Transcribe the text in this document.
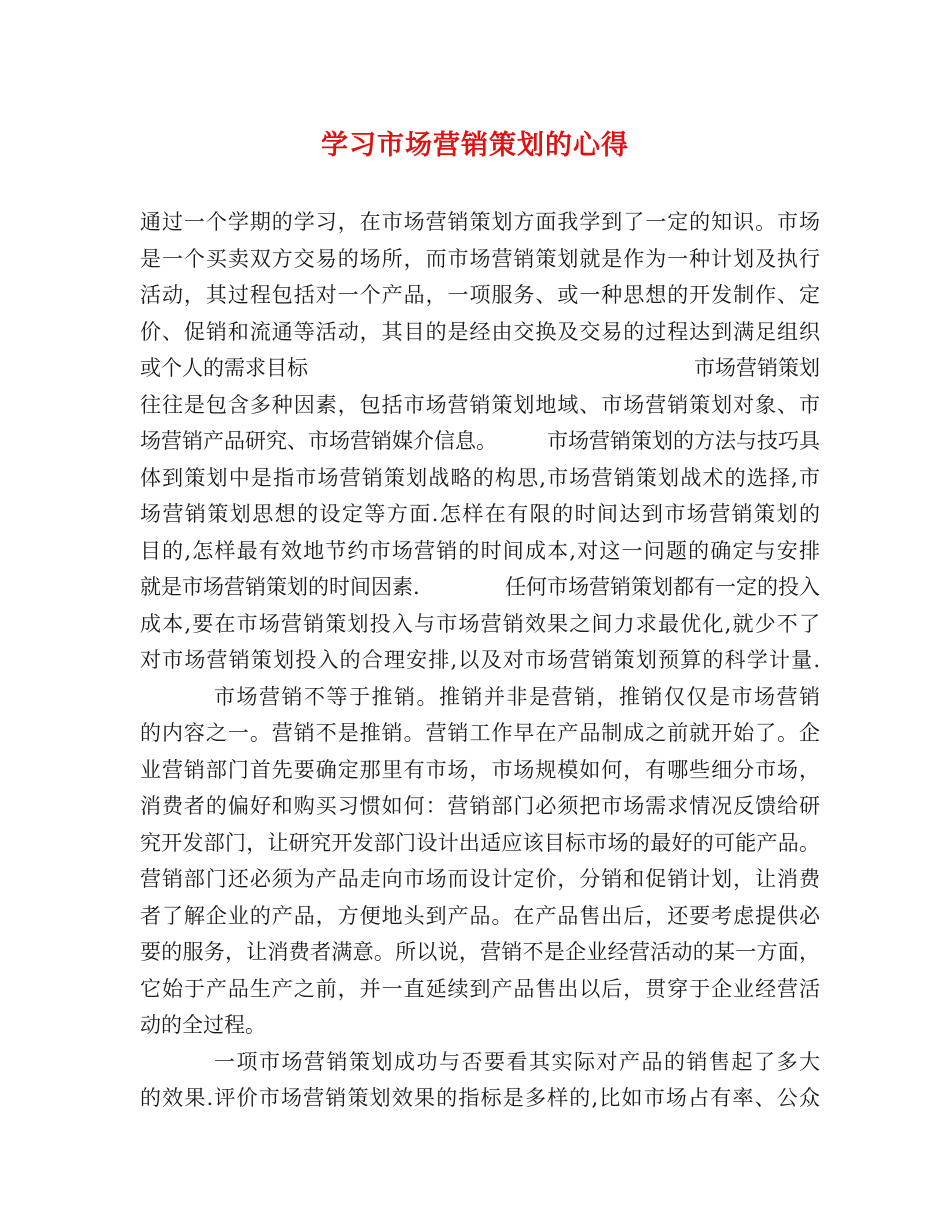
学习市场营销策划的心得
通过一个学期的学习，在市场营销策划方面我学到了一定的知识。市场
是一个买卖双方交易的场所，而市场营销策划就是作为一种计划及执行
活动，其过程包括对一个产品，一项服务、或一种思想的开发制作、定
价、促销和流通等活动，其目的是经由交换及交易的过程达到满足组织
或个人的需求目标	市场营销策划
往往是包含多种因素，包括市场营销策划地域、市场营销策划对象、市
场营销产品研究、市场营销媒介信息。 市场营销策划的方法与技巧具
体到策划中是指市场营销策划战略的构思,市场营销策划战术的选择,市
场营销策划思想的设定等方面.怎样在有限的时间达到市场营销策划的
目的,怎样最有效地节约市场营销的时间成本,对这一问题的确定与安排
就是市场营销策划的时间因素.	任何市场营销策划都有一定的投入
成本,要在市场营销策划投入与市场营销效果之间力求最优化,就少不了
对市场营销策划投入的合理安排,以及对市场营销策划预算的科学计量.
市场营销不等于推销。推销并非是营销，推销仅仅是市场营销
的内容之一。营销不是推销。营销工作早在产品制成之前就开始了。企
业营销部门首先要确定那里有市场，市场规模如何，有哪些细分市场，
消费者的偏好和购买习惯如何：营销部门必须把市场需求情况反馈给研
究开发部门，让研究开发部门设计出适应该目标市场的最好的可能产品。
营销部门还必须为产品走向市场而设计定价，分销和促销计划，让消费
者了解企业的产品，方便地头到产品。在产品售出后，还要考虑提供必
要的服务，让消费者满意。所以说，营销不是企业经营活动的某一方面，
它始于产品生产之前，并一直延续到产品售出以后，贯穿于企业经营活
动的全过程。
一项市场营销策划成功与否要看其实际对产品的销售起了多大
的效果.评价市场营销策划效果的指标是多样的,比如市场占有率、公众
